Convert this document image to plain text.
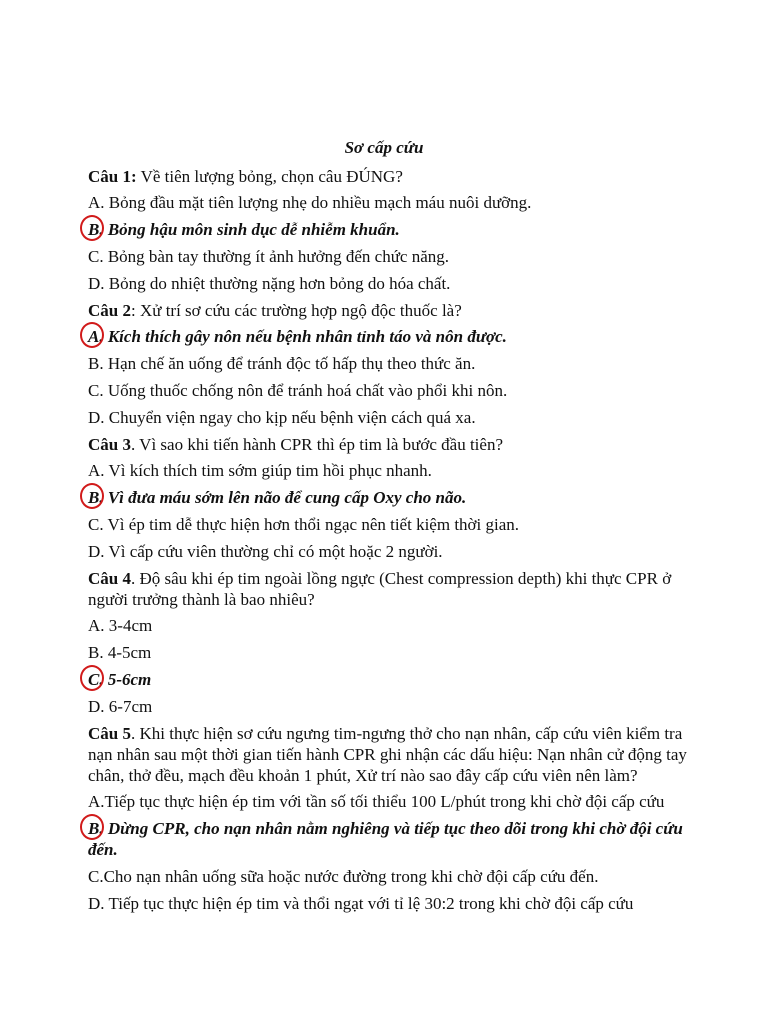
Sơ cấp cứu
Câu 1: Về tiên lượng bỏng, chọn câu ĐÚNG?
A. Bỏng đầu mặt tiên lượng nhẹ do nhiều mạch máu nuôi dưỡng.
B. Bỏng hậu môn sinh dục dễ nhiễm khuẩn.
C. Bỏng bàn tay thường ít ảnh hưởng đến chức năng.
D. Bỏng do nhiệt thường nặng hơn bỏng do hóa chất.
Câu 2: Xử trí sơ cứu các trường hợp ngộ độc thuốc là?
A. Kích thích gây nôn nếu bệnh nhân tỉnh táo và nôn được.
B. Hạn chế ăn uống để tránh độc tố hấp thụ theo thức ăn.
C. Uống thuốc chống nôn để tránh hoá chất vào phổi khi nôn.
D. Chuyển viện ngay cho kịp nếu bệnh viện cách quá xa.
Câu 3. Vì sao khi tiến hành CPR thì ép tim là bước đầu tiên?
A. Vì kích thích tim sớm giúp tim hồi phục nhanh.
B. Vì đưa máu sớm lên não để cung cấp Oxy cho não.
C. Vì ép tim dễ thực hiện hơn thổi ngạc nên tiết kiệm thời gian.
D. Vì cấp cứu viên thường chỉ có một hoặc 2 người.
Câu 4. Độ sâu khi ép tim ngoài lồng ngực (Chest compression depth) khi thực CPR ở người trưởng thành là bao nhiêu?
A. 3-4cm
B. 4-5cm
C. 5-6cm
D. 6-7cm
Câu 5. Khi thực hiện sơ cứu ngưng tim-ngưng thở cho nạn nhân, cấp cứu viên kiểm tra nạn nhân sau một thời gian tiến hành CPR ghi nhận các dấu hiệu: Nạn nhân cử động tay chân, thở đều, mạch đều khoản 1 phút, Xử trí nào sao đây cấp cứu viên nên làm?
A.Tiếp tục thực hiện ép tim với tần số tối thiểu 100 L/phút trong khi chờ đội cấp cứu
B. Dừng CPR, cho nạn nhân nằm nghiêng và tiếp tục theo dõi trong khi chờ đội cứu đến.
C.Cho nạn nhân uống sữa hoặc nước đường trong khi chờ đội cấp cứu đến.
D. Tiếp tục thực hiện ép tim và thổi ngạt với tỉ lệ 30:2 trong khi chờ đội cấp cứu
